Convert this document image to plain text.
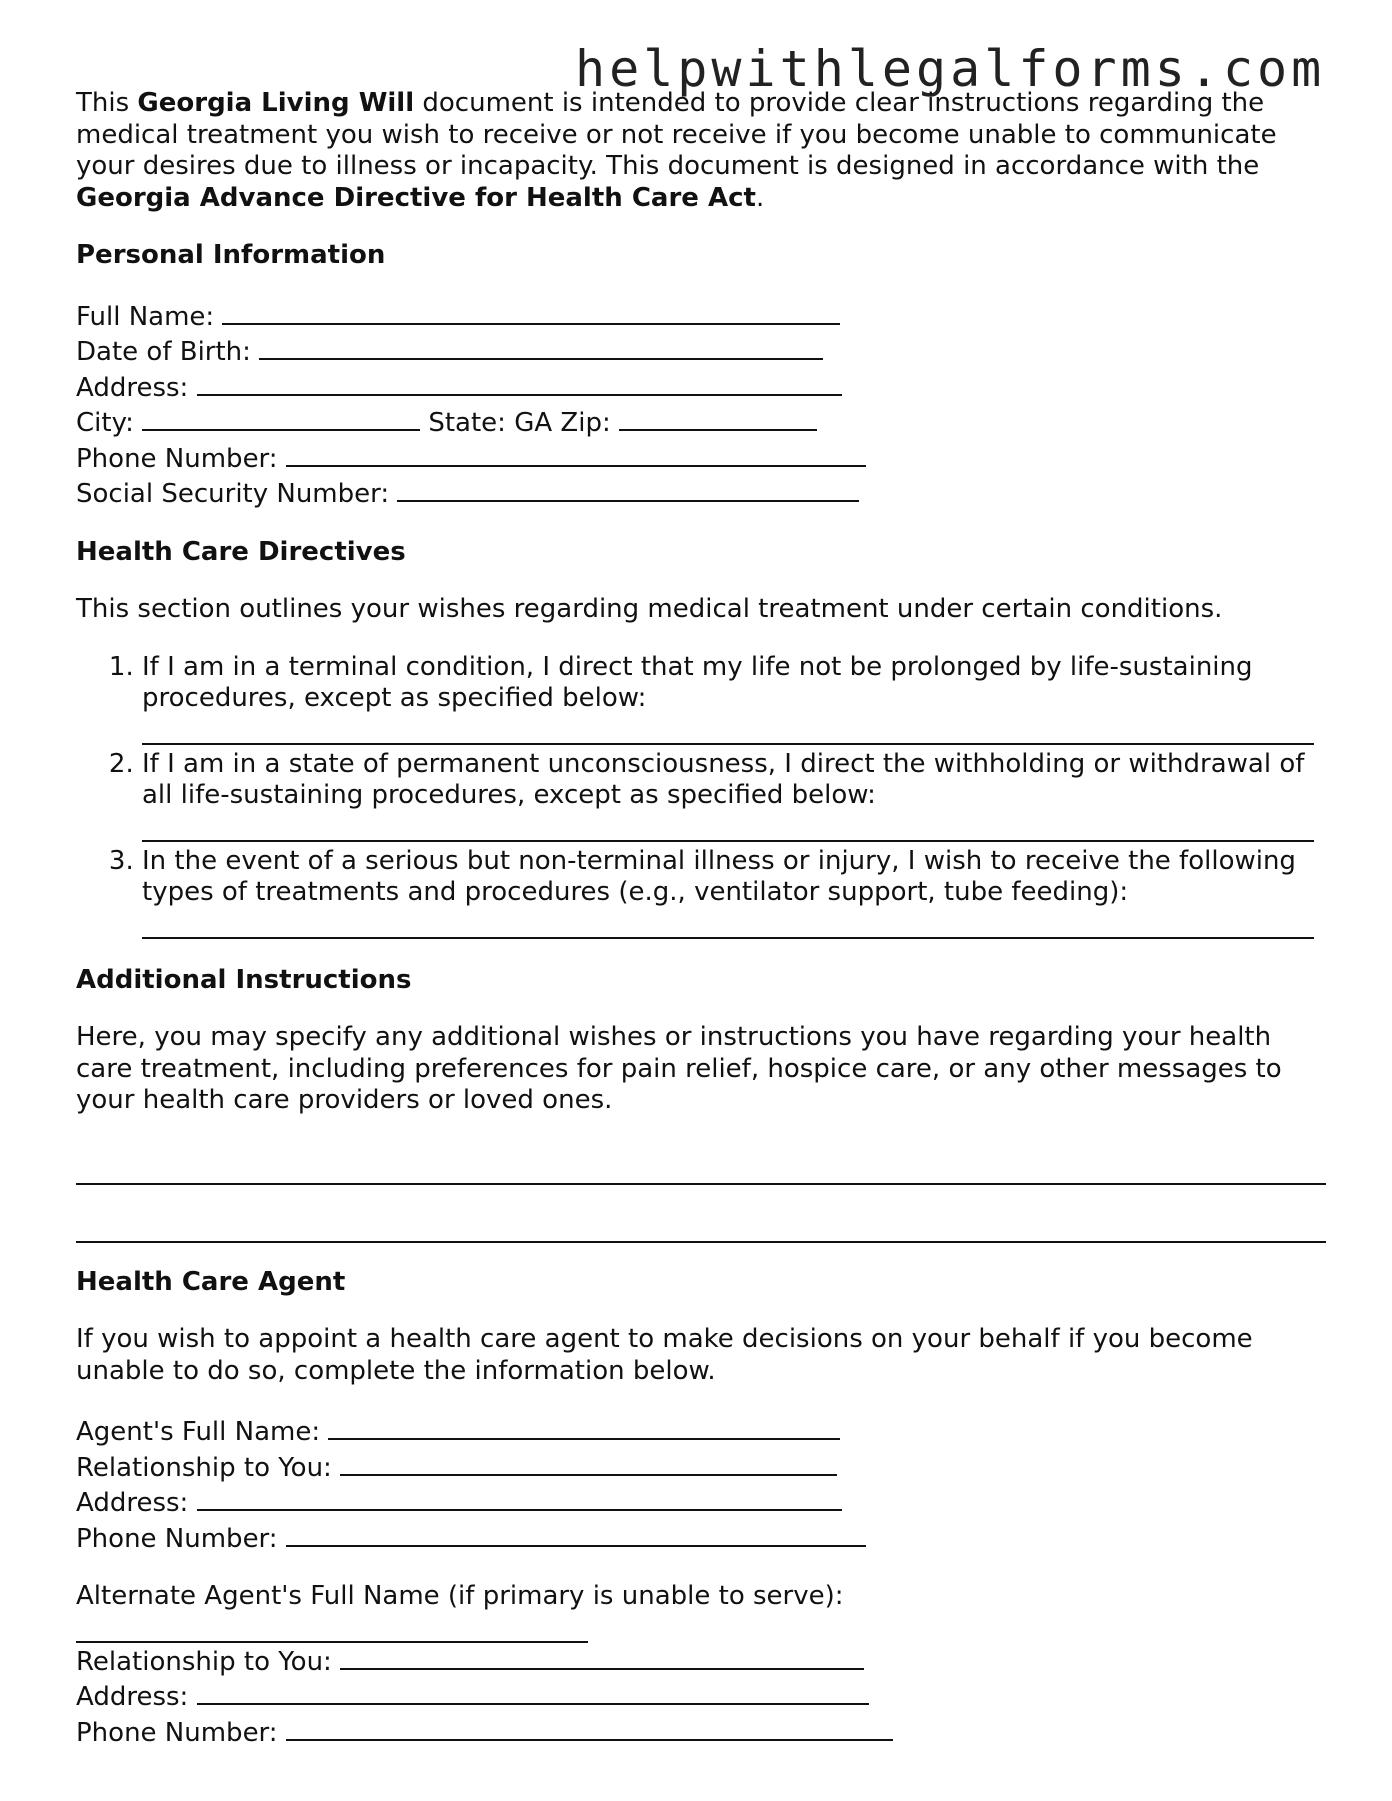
helpwithlegalforms.com

This Georgia Living Will document is intended to provide clear instructions regarding the medical treatment you wish to receive or not receive if you become unable to communicate your desires due to illness or incapacity. This document is designed in accordance with the Georgia Advance Directive for Health Care Act.

Personal Information
Full Name:
Date of Birth:
Address:
City:	State: GA Zip:
Phone Number:
Social Security Number:
Health Care Directives

This section outlines your wishes regarding medical treatment under certain conditions.

1. If I am in a terminal condition, I direct that my life not be prolonged by life-sustaining procedures, except as specified below:
2. If I am in a state of permanent unconsciousness, I direct the withholding or withdrawal of all life-sustaining procedures, except as specified below:
3. In the event of a serious but non-terminal illness or injury, I wish to receive the following types of treatments and procedures (e.g., ventilator support, tube feeding):
Additional Instructions

Here, you may specify any additional wishes or instructions you have regarding your health care treatment, including preferences for pain relief, hospice care, or any other messages to your health care providers or loved ones.

Health Care Agent

If you wish to appoint a health care agent to make decisions on your behalf if you become unable to do so, complete the information below.

Agent's Full Name:
Relationship to You:
Address:
Phone Number:
Alternate Agent's Full Name (if primary is unable to serve):
Relationship to You:
Address:
Phone Number:
